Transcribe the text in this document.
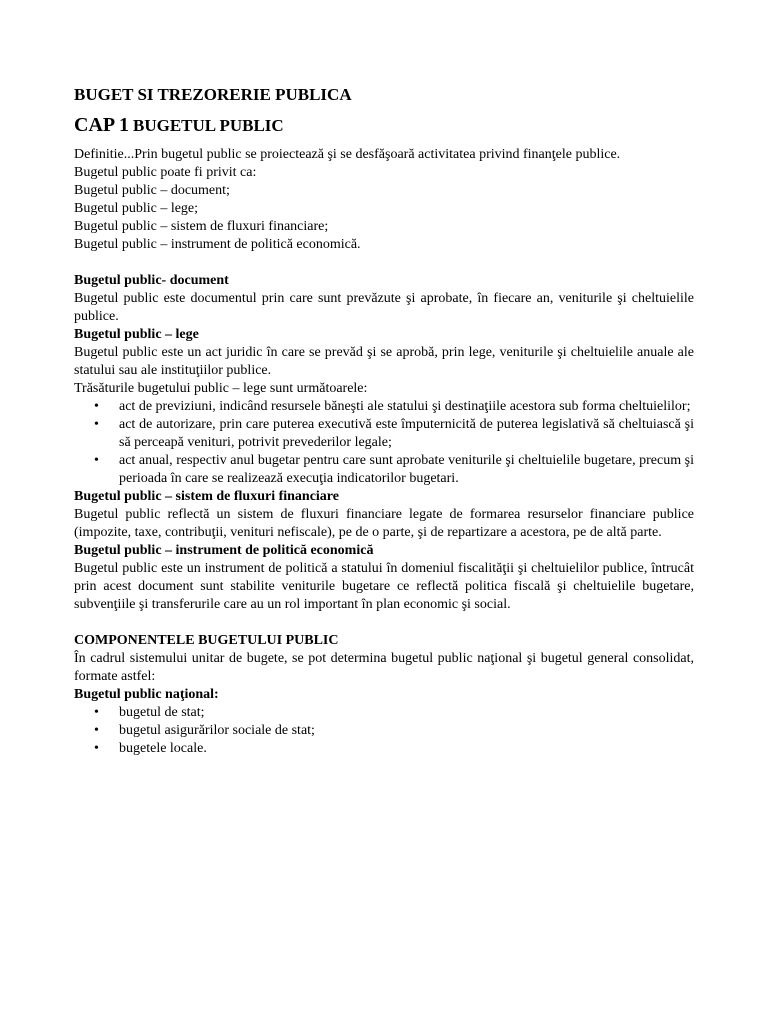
BUGET SI TREZORERIE PUBLICA
CAP 1 BUGETUL PUBLIC

Definitie...Prin bugetul public se proiectează şi se desfăşoară activitatea privind finanţele publice.

Bugetul public poate fi privit ca:

Bugetul public – document;

Bugetul public – lege;

Bugetul public – sistem de fluxuri financiare;

Bugetul public – instrument de politică economică.

Bugetul public- document

Bugetul public este documentul prin care sunt prevăzute şi aprobate, în fiecare an, veniturile şi cheltuielile publice.

Bugetul public – lege

Bugetul public este un act juridic în care se prevăd şi se aprobă, prin lege, veniturile şi cheltuielile anuale ale statului sau ale instituţiilor publice.

Trăsăturile bugetului public – lege sunt următoarele:

• act de previziuni, indicând resursele băneşti ale statului şi destinaţiile acestora sub forma cheltuielilor;
• act de autorizare, prin care puterea executivă este împuternicită de puterea legislativă să cheltuiască şi să perceapă venituri, potrivit prevederilor legale;
• act anual, respectiv anul bugetar pentru care sunt aprobate veniturile şi cheltuielile bugetare, precum şi perioada în care se realizează execuţia indicatorilor bugetari.

Bugetul public – sistem de fluxuri financiare

Bugetul public reflectă un sistem de fluxuri financiare legate de formarea resurselor financiare publice (impozite, taxe, contribuţii, venituri nefiscale), pe de o parte, şi de repartizare a acestora, pe de altă parte.

Bugetul public – instrument de politică economică

Bugetul public este un instrument de politică a statului în domeniul fiscalităţii şi cheltuielilor publice, întrucât prin acest document sunt stabilite veniturile bugetare ce reflectă politica fiscală şi cheltuielile bugetare, subvenţiile şi transferurile care au un rol important în plan economic şi social.

COMPONENTELE BUGETULUI PUBLIC

În cadrul sistemului unitar de bugete, se pot determina bugetul public naţional şi bugetul general consolidat, formate astfel:

Bugetul public naţional:

• bugetul de stat;
• bugetul asigurărilor sociale de stat;
• bugetele locale.
